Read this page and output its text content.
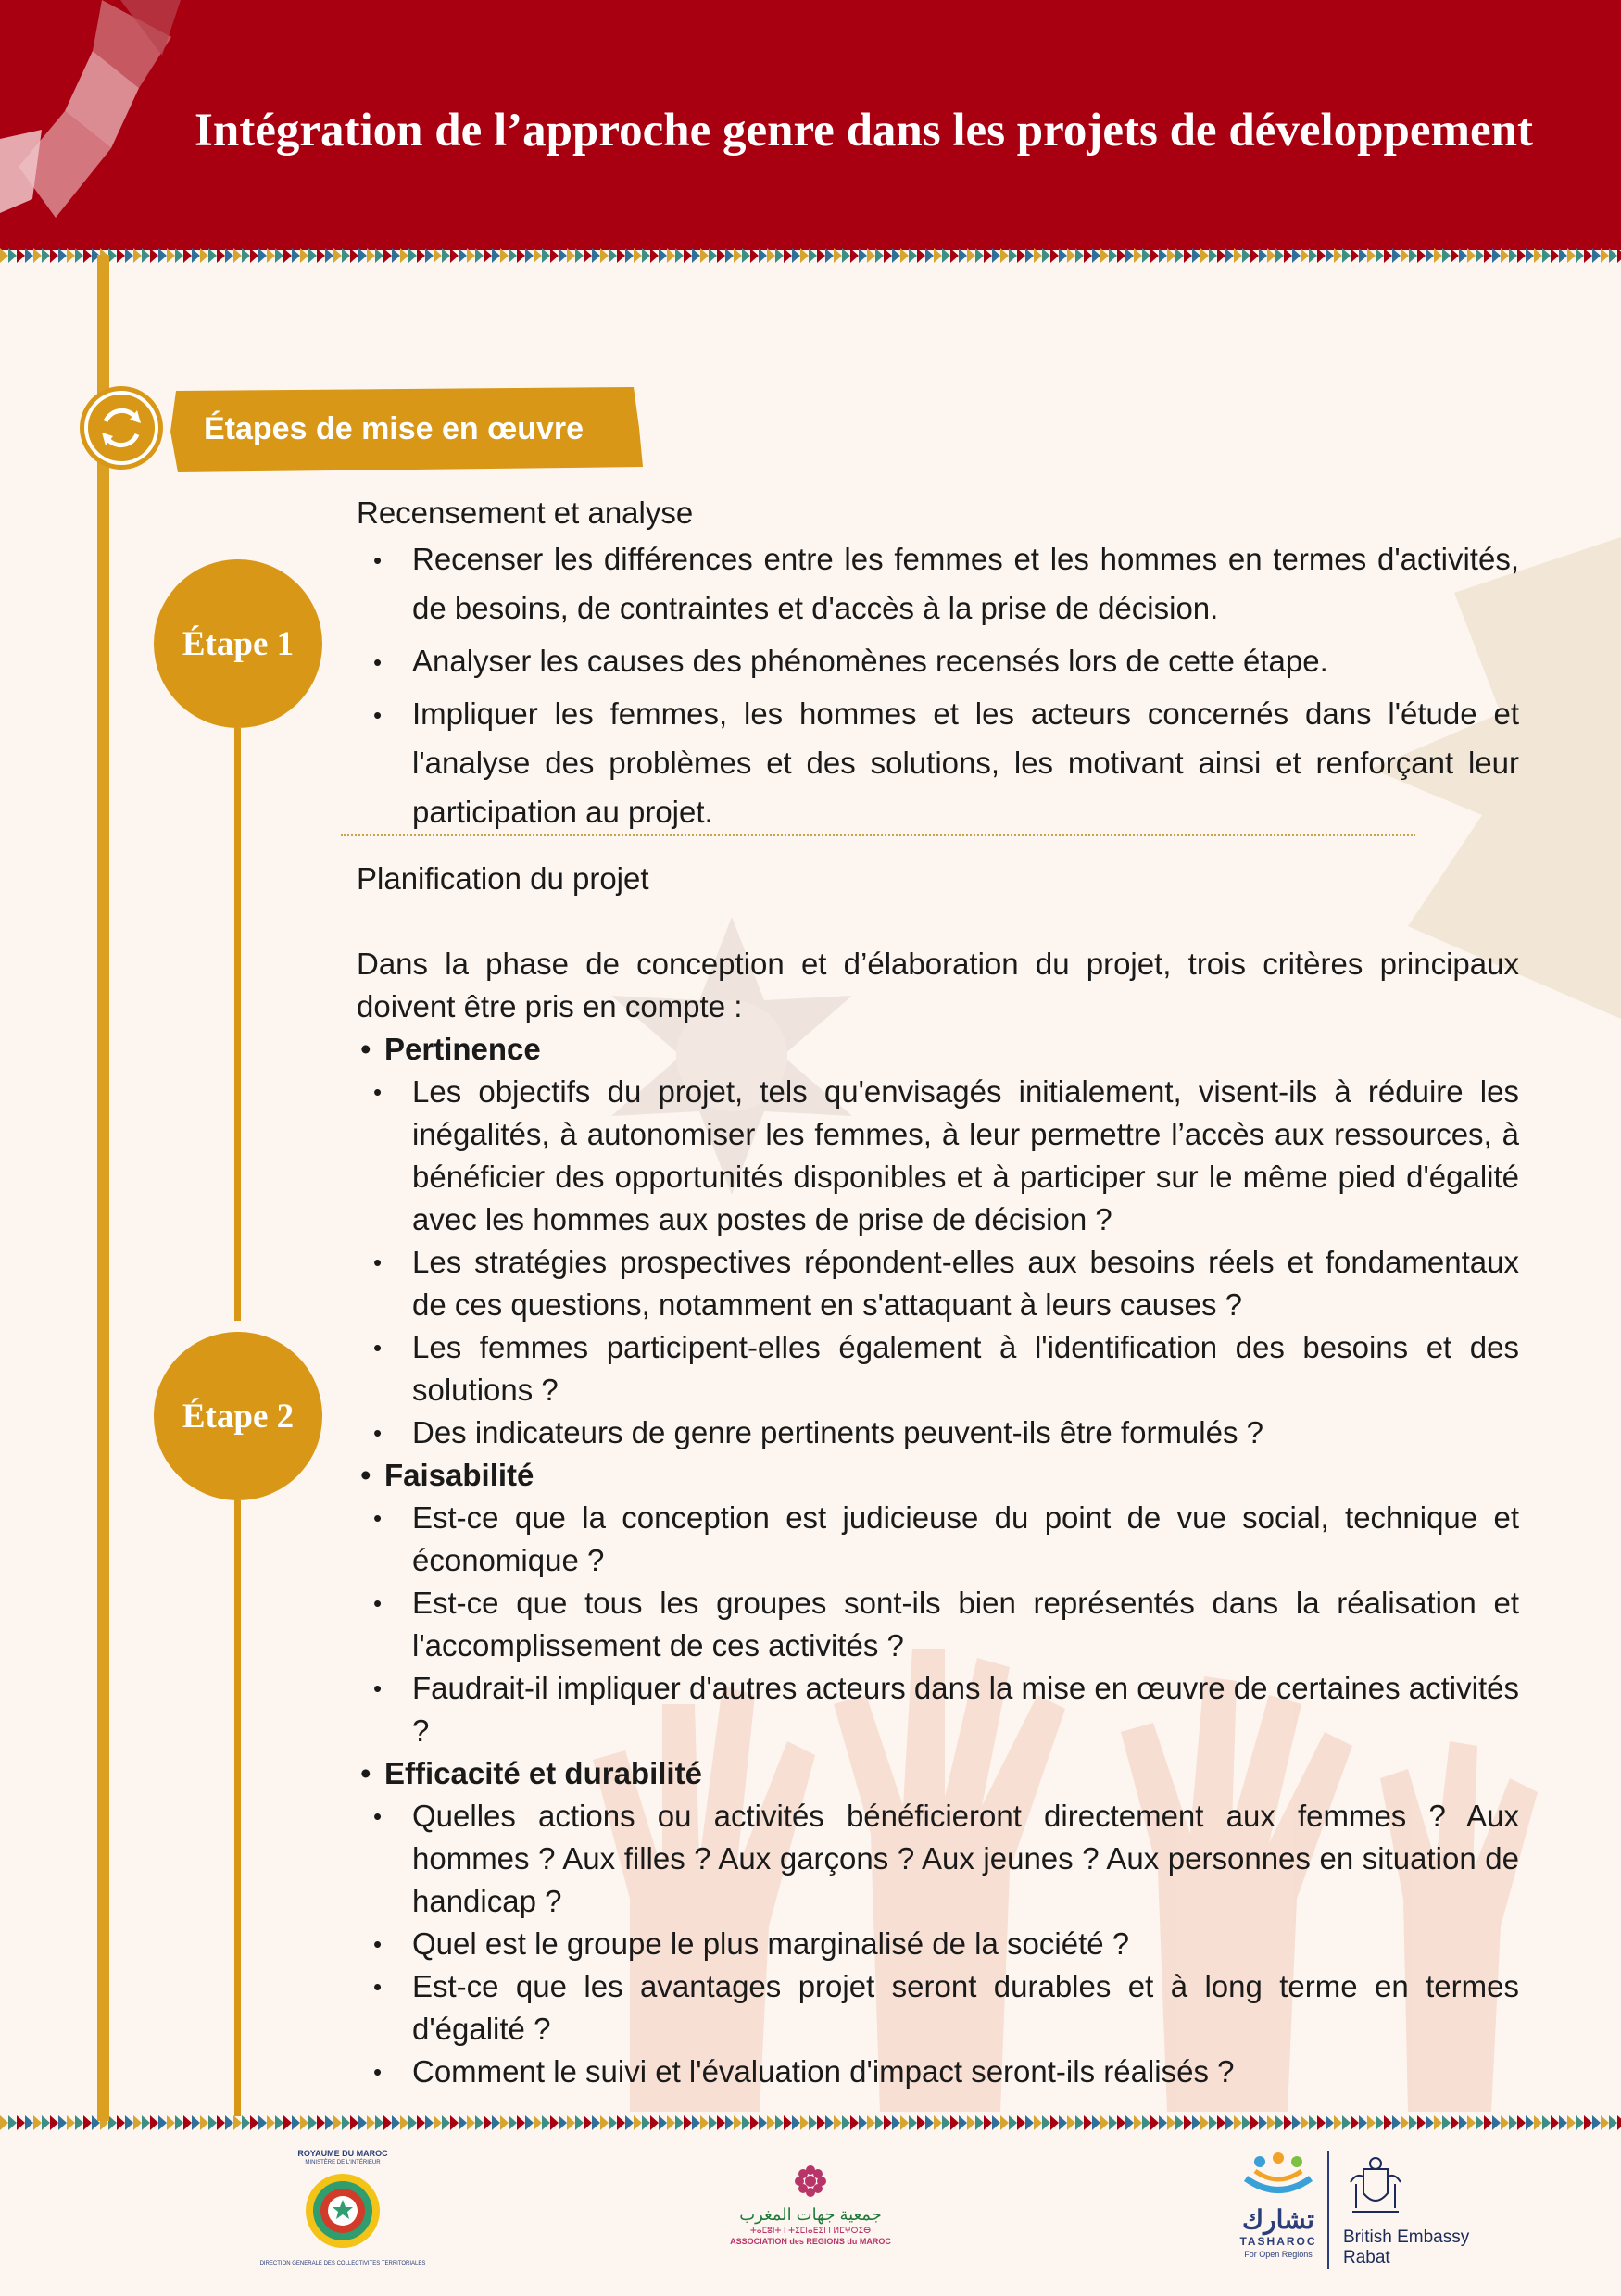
Intégration de l’approche genre dans les projets de développement
Étapes de mise en œuvre
Étape 1
Étape 2

Recensement et analyse

• Recenser les différences entre les femmes et les hommes en termes d'activités, de besoins, de contraintes et d'accès à la prise de décision.
• Analyser les causes des phénomènes recensés lors de cette étape.
• Impliquer les femmes, les hommes et les acteurs concernés dans l'étude et l'analyse des problèmes et des solutions, les motivant ainsi et renforçant leur participation au projet.

Planification du projet

Dans la phase de conception et d’élaboration du projet, trois critères principaux doivent être pris en compte :

• Pertinence
• Les objectifs du projet, tels qu'envisagés initialement, visent-ils à réduire les inégalités, à autonomiser les femmes, à leur permettre l’accès aux ressources, à bénéficier des opportunités disponibles et à participer sur le même pied d'égalité avec les hommes aux postes de prise de décision ?
• Les stratégies prospectives répondent-elles aux besoins réels et fondamentaux de ces questions, notamment en s'attaquant à leurs causes ?
• Les femmes participent-elles également à l'identification des besoins et des solutions ?
• Des indicateurs de genre pertinents peuvent-ils être formulés ?
• Faisabilité
• Est-ce que la conception est judicieuse du point de vue social, technique et économique ?
• Est-ce que tous les groupes sont-ils bien représentés dans la réalisation et l'accomplissement de ces activités ?
• Faudrait-il impliquer d'autres acteurs dans la mise en œuvre de certaines activités ?
• Efficacité et durabilité
• Quelles actions ou activités bénéficieront directement aux femmes ? Aux hommes ? Aux filles ? Aux garçons ? Aux jeunes ? Aux personnes en situation de handicap ?
• Quel est le groupe le plus marginalisé de la société ?
• Est-ce que les avantages projet seront durables et à long terme en termes d'égalité ?
• Comment le suivi et l'évaluation d'impact seront-ils réalisés ?
ROYAUME DU MAROC
MINISTÈRE DE L'INTÉRIEUR
DIRECTION GENERALE DES COLLECTIVITES TERRITORIALES
جمعية جهات المغرب
ⵜⴰⵎⵓⵏⵜ ⵏ ⵜⵉⵎⵏⴰⴹⵉⵏ ⵏ ⵍⵎⵖⵔⵉⴱ
ASSOCIATION des REGIONS du MAROC
تشارك
TASHAROC
For Open Regions
British Embassy
Rabat
